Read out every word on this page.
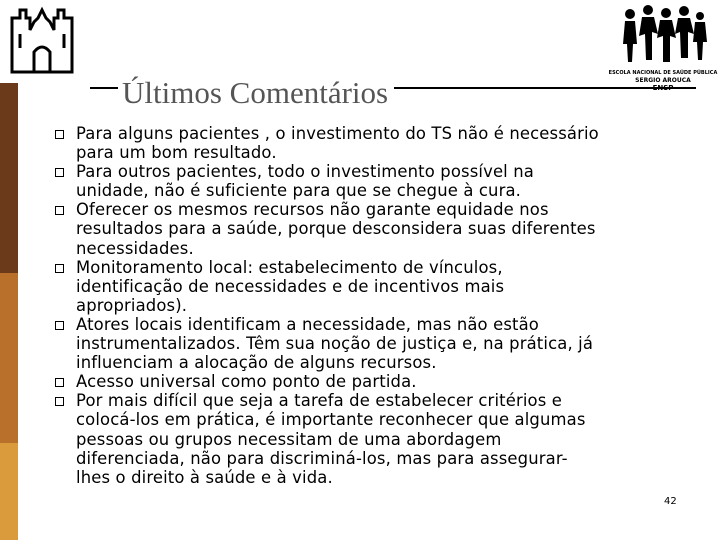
ESCOLA NACIONAL DE SAÚDE PÚBLICA
SERGIO AROUCA
Últimos Comentários
Para alguns pacientes , o investimento do TS não é necessário
para um bom resultado.
Para outros pacientes, todo o investimento possível na
unidade, não é suficiente para que se chegue à cura.
Oferecer os mesmos recursos não garante equidade nos
resultados para a saúde, porque desconsidera suas diferentes
necessidades.
Monitoramento local: estabelecimento de vínculos,
identificação de necessidades e de incentivos mais
apropriados).
Atores locais identificam a necessidade, mas não estão
instrumentalizados. Têm sua noção de justiça e, na prática, já
influenciam a alocação de alguns recursos.
Acesso universal como ponto de partida.
Por mais difícil que seja a tarefa de estabelecer critérios e
colocá-los em prática, é importante reconhecer que algumas
pessoas ou grupos necessitam de uma abordagem
diferenciada, não para discriminá-los, mas para assegurar-
lhes o direito à saúde e à vida.
42
